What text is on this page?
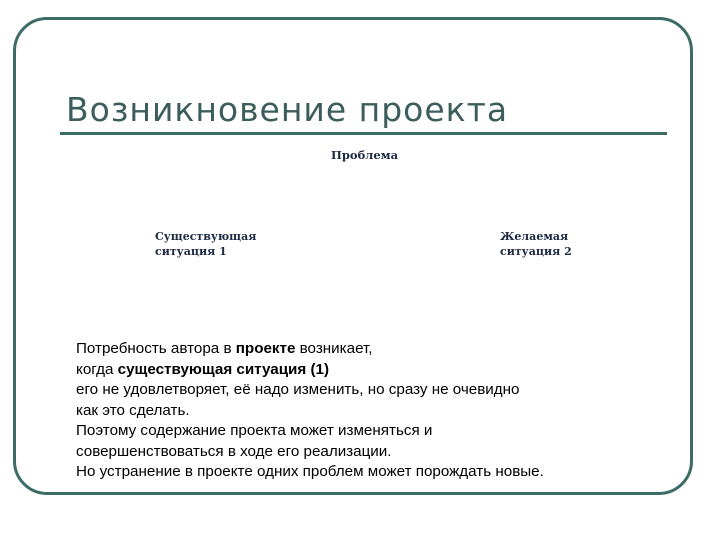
Возникновение проекта
Проблема
Существующая
ситуация 1
Желаемая
ситуация 2
Потребность автора в проекте возникает,
когда существующая ситуация (1)
его не удовлетворяет, её надо изменить, но сразу не очевидно
как это сделать.
Поэтому содержание проекта может изменяться и
совершенствоваться в ходе его реализации.
Но устранение в проекте одних проблем может порождать новые.
